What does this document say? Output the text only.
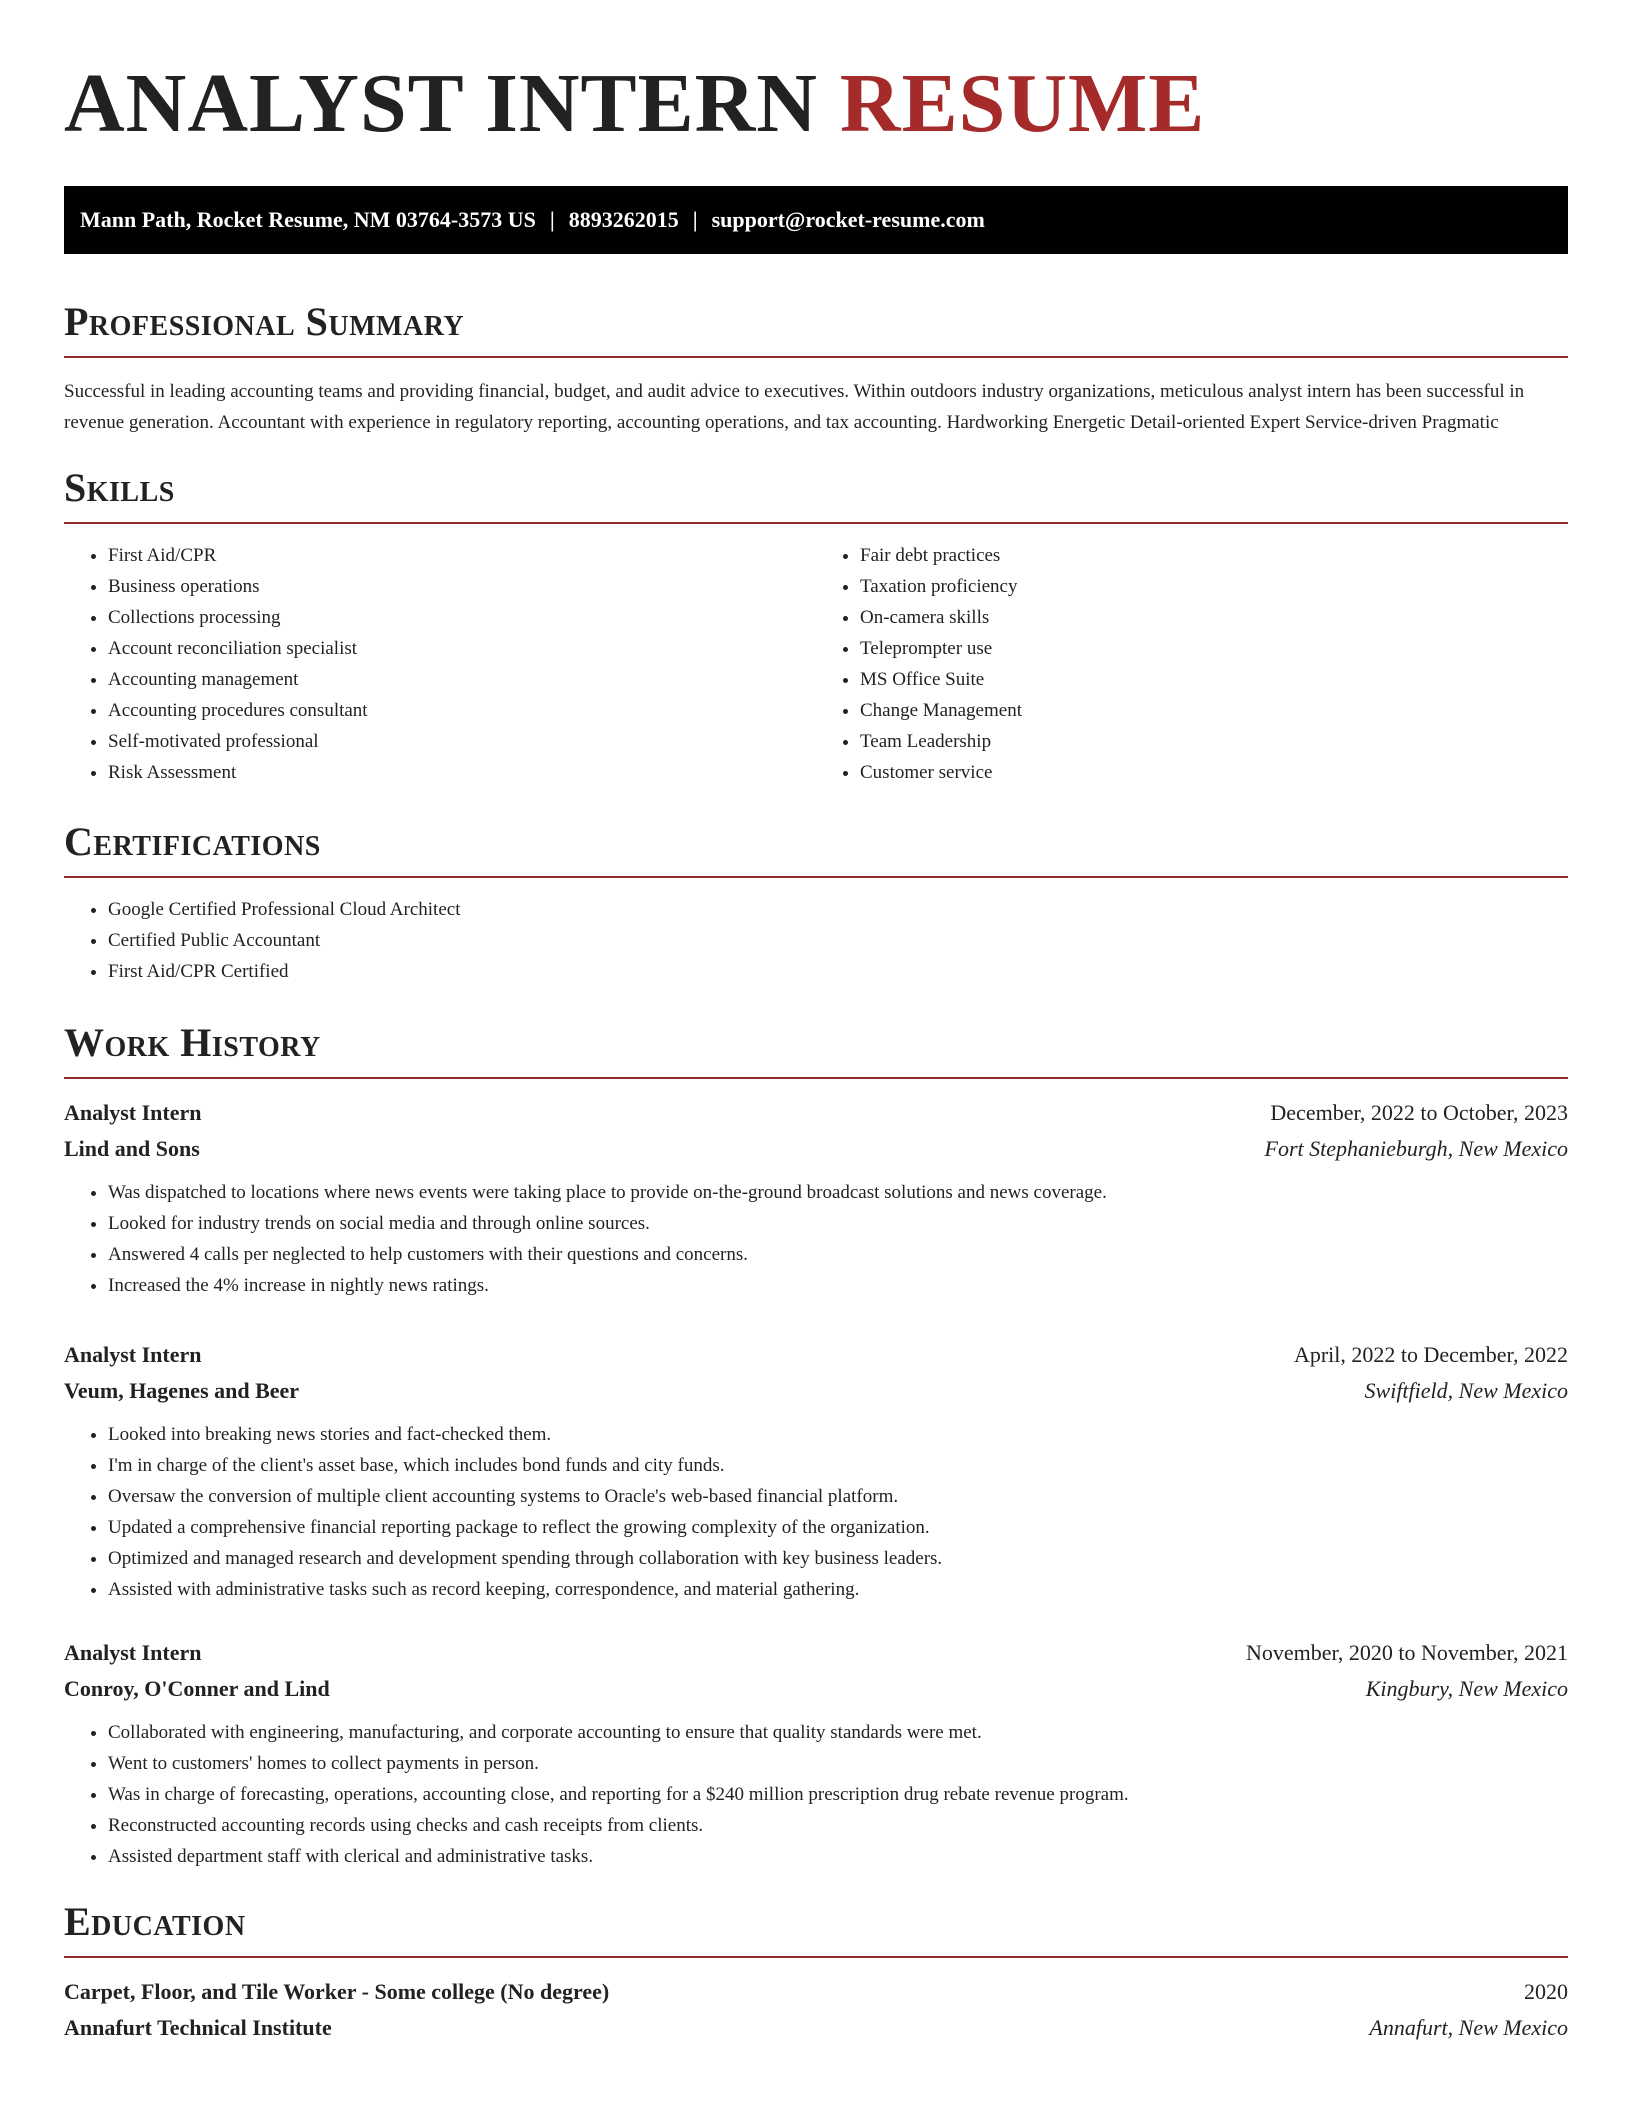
ANALYST INTERN RESUME
Mann Path, Rocket Resume, NM 03764-3573 US | 8893262015 | support@rocket-resume.com
Professional Summary

Successful in leading accounting teams and providing financial, budget, and audit advice to executives. Within outdoors industry organizations, meticulous analyst intern has been successful in revenue generation. Accountant with experience in regulatory reporting, accounting operations, and tax accounting. Hardworking Energetic Detail-oriented Expert Service-driven Pragmatic

Skills
• First Aid/CPR
• Business operations
• Collections processing
• Account reconciliation specialist
• Accounting management
• Accounting procedures consultant
• Self-motivated professional
• Risk Assessment
• Fair debt practices
• Taxation proficiency
• On-camera skills
• Teleprompter use
• MS Office Suite
• Change Management
• Team Leadership
• Customer service
Certifications
• Google Certified Professional Cloud Architect
• Certified Public Accountant
• First Aid/CPR Certified
Work History
Analyst Intern	December, 2022 to October, 2023
Lind and Sons	Fort Stephanieburgh, New Mexico
• Was dispatched to locations where news events were taking place to provide on-the-ground broadcast solutions and news coverage.
• Looked for industry trends on social media and through online sources.
• Answered 4 calls per neglected to help customers with their questions and concerns.
• Increased the 4% increase in nightly news ratings.
Analyst Intern	April, 2022 to December, 2022
Veum, Hagenes and Beer	Swiftfield, New Mexico
• Looked into breaking news stories and fact-checked them.
• I'm in charge of the client's asset base, which includes bond funds and city funds.
• Oversaw the conversion of multiple client accounting systems to Oracle's web-based financial platform.
• Updated a comprehensive financial reporting package to reflect the growing complexity of the organization.
• Optimized and managed research and development spending through collaboration with key business leaders.
• Assisted with administrative tasks such as record keeping, correspondence, and material gathering.
Analyst Intern	November, 2020 to November, 2021
Conroy, O'Conner and Lind	Kingbury, New Mexico
• Collaborated with engineering, manufacturing, and corporate accounting to ensure that quality standards were met.
• Went to customers' homes to collect payments in person.
• Was in charge of forecasting, operations, accounting close, and reporting for a $240 million prescription drug rebate revenue program.
• Reconstructed accounting records using checks and cash receipts from clients.
• Assisted department staff with clerical and administrative tasks.
Education
Carpet, Floor, and Tile Worker - Some college (No degree)	2020
Annafurt Technical Institute	Annafurt, New Mexico
